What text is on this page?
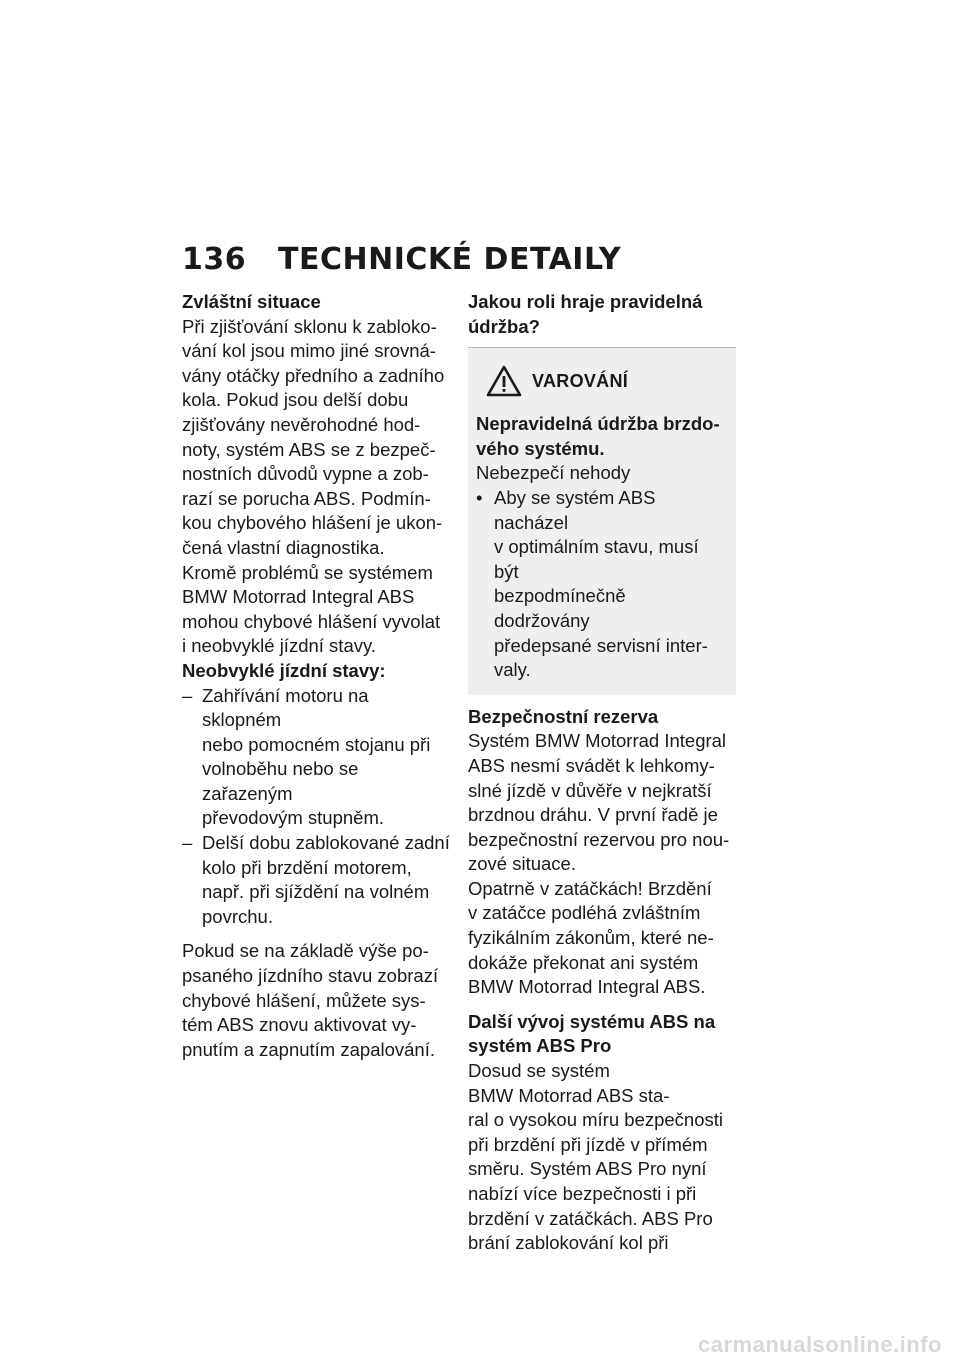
136 TECHNICKÉ DETAILY

Zvláštní situace

Při zjišťování sklonu k zabloko-
vání kol jsou mimo jiné srovná-
vány otáčky předního a zadního
kola. Pokud jsou delší dobu
zjišťovány nevěrohodné hod-
noty, systém ABS se z bezpeč-
nostních důvodů vypne a zob-
razí se porucha ABS. Podmín-
kou chybového hlášení je ukon-
čená vlastní diagnostika.

Kromě problémů se systémem
BMW Motorrad Integral ABS
mohou chybové hlášení vyvolat
i neobvyklé jízdní stavy.

Neobvyklé jízdní stavy:

– Zahřívání motoru na sklopném
nebo pomocném stojanu při
volnoběhu nebo se zařazeným
převodovým stupněm.
– Delší dobu zablokované zadní
kolo při brzdění motorem,
např. při sjíždění na volném
povrchu.

Pokud se na základě výše po-
psaného jízdního stavu zobrazí
chybové hlášení, můžete sys-
tém ABS znovu aktivovat vy-
pnutím a zapnutím zapalování.

Jakou roli hraje pravidelná
údržba?

VAROVÁNÍ

Nepravidelná údržba brzdo-
vého systému.

Nebezpečí nehody

• Aby se systém ABS nacházel
v optimálním stavu, musí být
bezpodmínečně dodržovány
předepsané servisní inter-
valy.

Bezpečnostní rezerva

Systém BMW Motorrad Integral
ABS nesmí svádět k lehkomy-
slné jízdě v důvěře v nejkratší
brzdnou dráhu. V první řadě je
bezpečnostní rezervou pro nou-
zové situace.

Opatrně v zatáčkách! Brzdění
v zatáčce podléhá zvláštním
fyzikálním zákonům, které ne-
dokáže překonat ani systém
BMW Motorrad Integral ABS.

Další vývoj systému ABS na
systém ABS Pro

Dosud se systém
BMW Motorrad ABS sta-
ral o vysokou míru bezpečnosti
při brzdění při jízdě v přímém
směru. Systém ABS Pro nyní
nabízí více bezpečnosti i při
brzdění v zatáčkách. ABS Pro
brání zablokování kol při

carmanualsonline.info
